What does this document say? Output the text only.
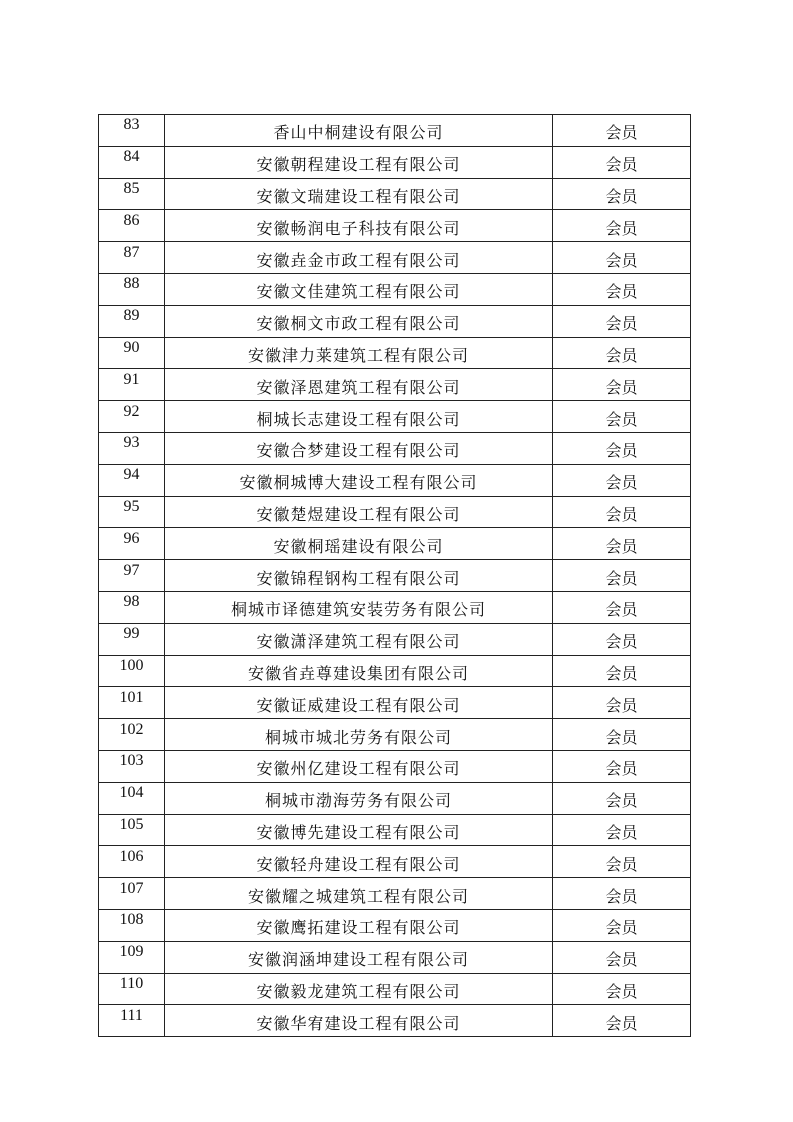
83	香山中桐建设有限公司	会员
84	安徽朝程建设工程有限公司	会员
85	安徽文瑞建设工程有限公司	会员
86	安徽畅润电子科技有限公司	会员
87	安徽垚金市政工程有限公司	会员
88	安徽文佳建筑工程有限公司	会员
89	安徽桐文市政工程有限公司	会员
90	安徽津力莱建筑工程有限公司	会员
91	安徽泽恩建筑工程有限公司	会员
92	桐城长志建设工程有限公司	会员
93	安徽合梦建设工程有限公司	会员
94	安徽桐城博大建设工程有限公司	会员
95	安徽楚煜建设工程有限公司	会员
96	安徽桐瑶建设有限公司	会员
97	安徽锦程钢构工程有限公司	会员
98	桐城市译德建筑安装劳务有限公司	会员
99	安徽潇泽建筑工程有限公司	会员
100	安徽省垚尊建设集团有限公司	会员
101	安徽证威建设工程有限公司	会员
102	桐城市城北劳务有限公司	会员
103	安徽州亿建设工程有限公司	会员
104	桐城市渤海劳务有限公司	会员
105	安徽博先建设工程有限公司	会员
106	安徽轻舟建设工程有限公司	会员
107	安徽耀之城建筑工程有限公司	会员
108	安徽鹰拓建设工程有限公司	会员
109	安徽润涵坤建设工程有限公司	会员
110	安徽毅龙建筑工程有限公司	会员
111	安徽华宥建设工程有限公司	会员
